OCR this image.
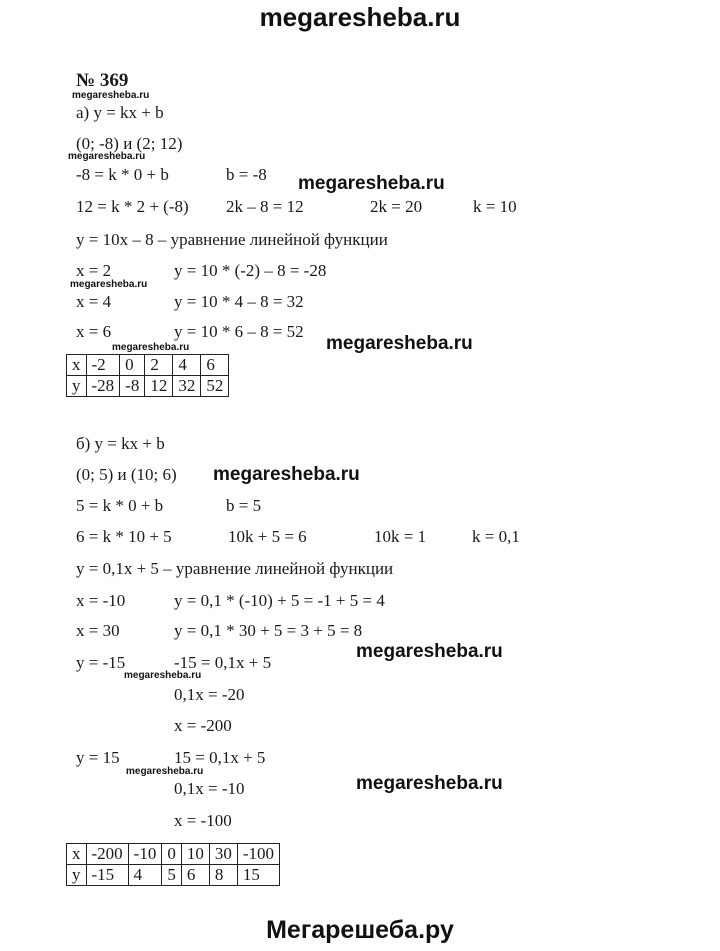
megaresheba.ru
Мегарешеба.ру
megaresheba.ru
megaresheba.ru
megaresheba.ru
megaresheba.ru
megaresheba.ru
megaresheba.ru
megaresheba.ru
megaresheba.ru
megaresheba.ru
megaresheba.ru
megaresheba.ru
№ 369
а) y = kx + b
(0; -8) и (2; 12)
-8 = k * 0 + b	b = -8
12 = k * 2 + (-8) 2k – 8 = 12	2k = 20	k = 10
y = 10x – 8 – уравнение линейной функции
x = 2	y = 10 * (-2) – 8 = -28
x = 4	y = 10 * 4 – 8 = 32
x = 6	y = 10 * 6 – 8 = 52
x	-2	0	2	4	6
y	-28	-8	12	32	52
б) y = kx + b
(0; 5) и (10; 6)
5 = k * 0 + b	b = 5
6 = k * 10 + 5	10k + 5 = 6	10k = 1	k = 0,1
y = 0,1x + 5 – уравнение линейной функции
x = -10	y = 0,1 * (-10) + 5 = -1 + 5 = 4
x = 30	y = 0,1 * 30 + 5 = 3 + 5 = 8
y = -15	-15 = 0,1x + 5
0,1x = -20
x = -200
y = 15	15 = 0,1x + 5
0,1x = -10
x = -100
x	-200	-10	0	10	30	-100
y	-15	4	5	6	8	15
